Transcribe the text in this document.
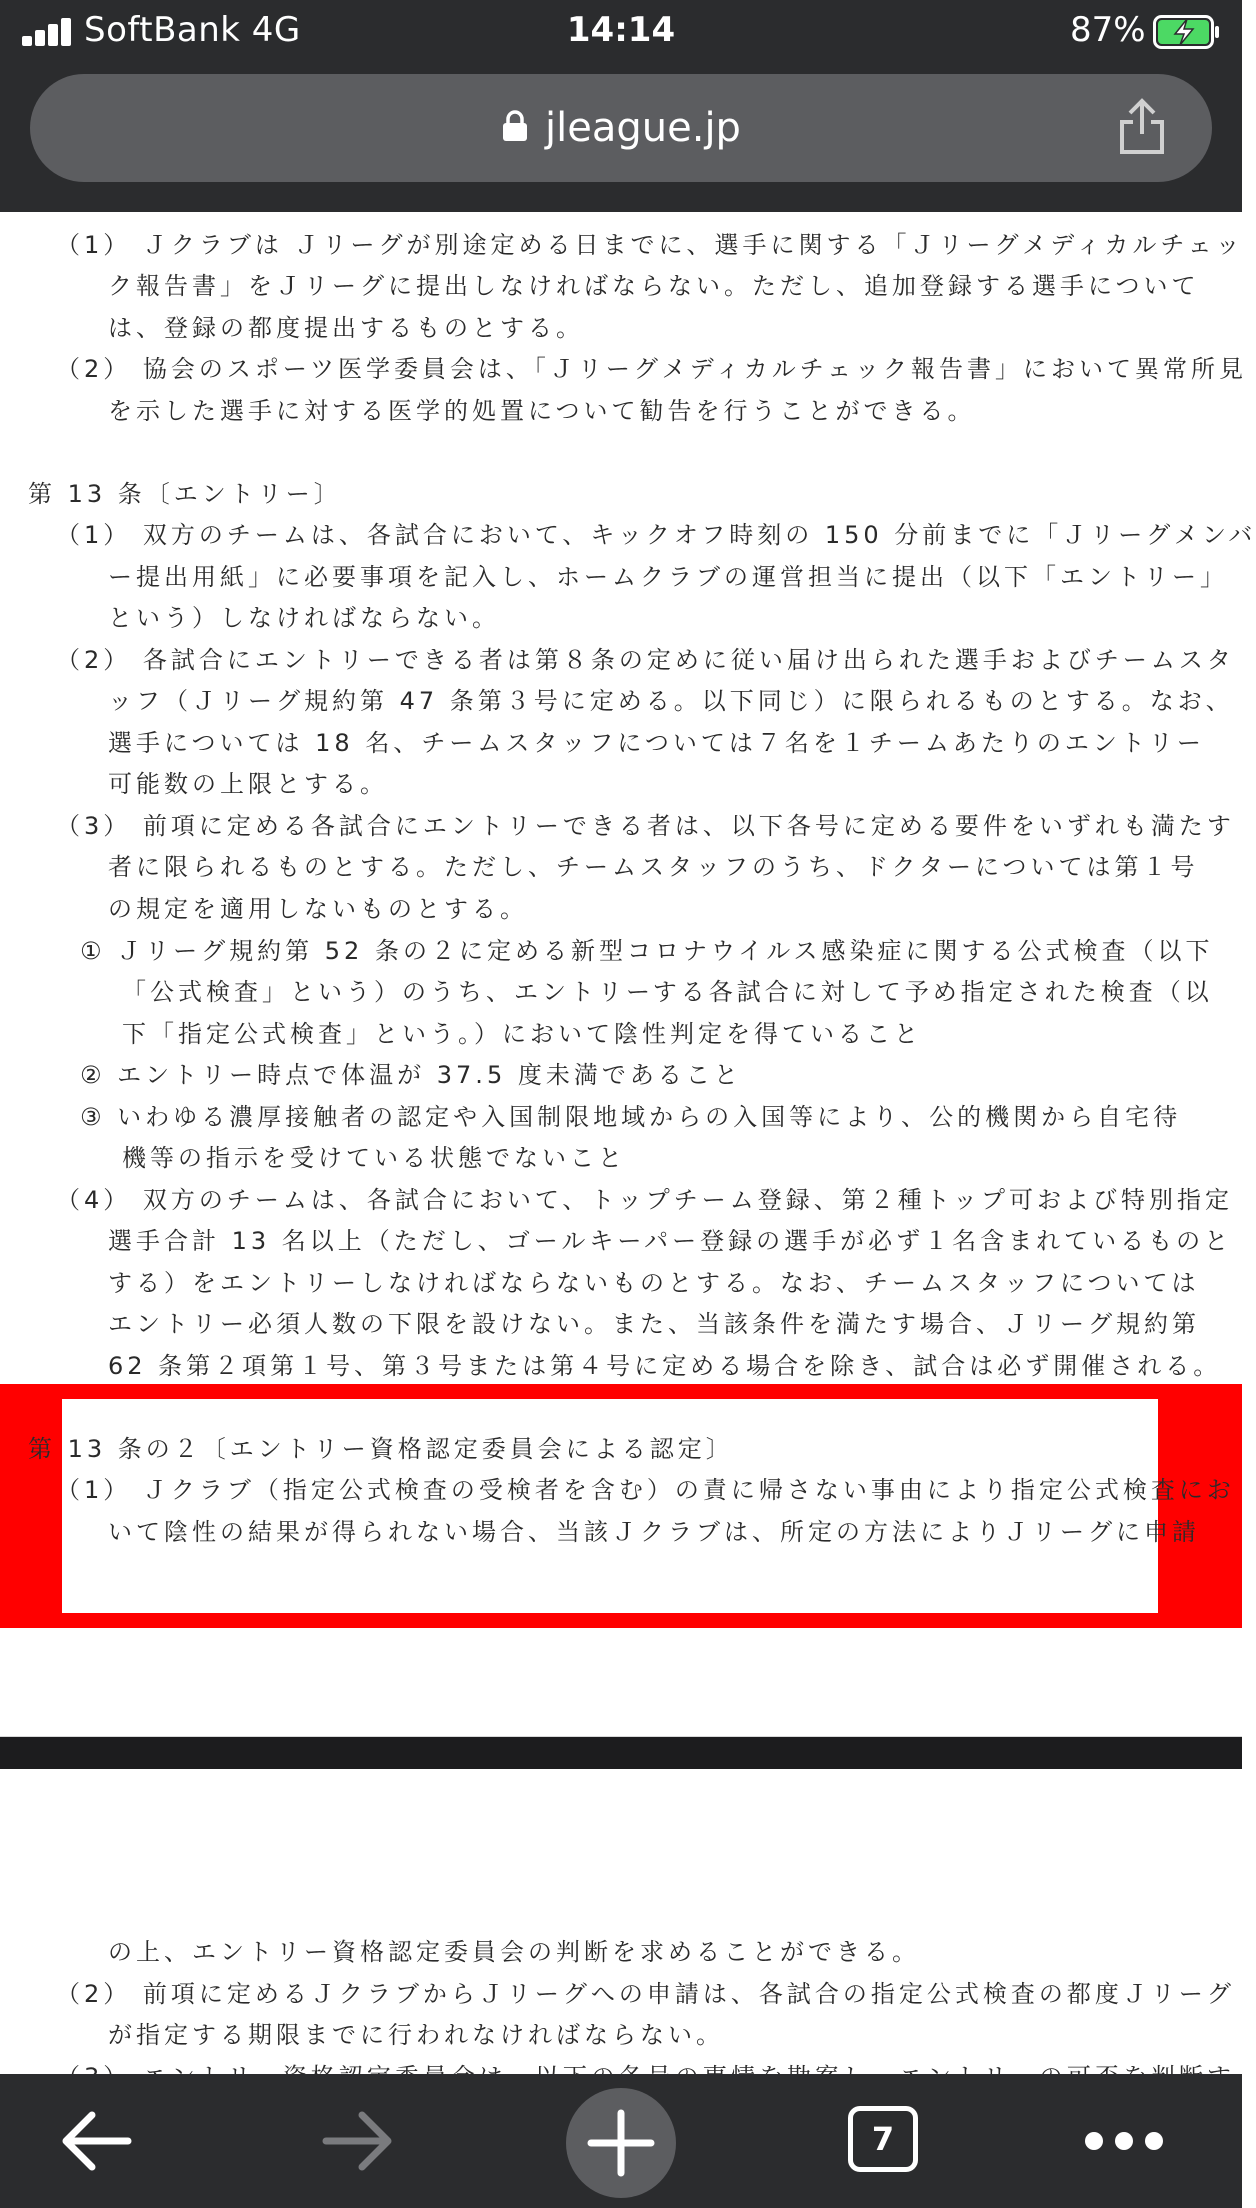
SoftBank 4G	14:14	87%
jleague.jp
（1） Ｊクラブは Ｊリーグが別途定める日までに、選手に関する「Ｊリーグメディカルチェッ
ク報告書」をＪリーグに提出しなければならない。ただし、追加登録する選手について
は、登録の都度提出するものとする。
（2） 協会のスポーツ医学委員会は、「Ｊリーグメディカルチェック報告書」において異常所見
を示した選手に対する医学的処置について勧告を行うことができる。
第 13 条〔エントリー〕
（1） 双方のチームは、各試合において、キックオフ時刻の 150 分前までに「Ｊリーグメンバ
ー提出用紙」に必要事項を記入し、ホームクラブの運営担当に提出（以下「エントリー」
という）しなければならない。
（2） 各試合にエントリーできる者は第８条の定めに従い届け出られた選手およびチームスタ
ッフ（Ｊリーグ規約第 47 条第３号に定める。以下同じ）に限られるものとする。なお、
選手については 18 名、チームスタッフについては７名を１チームあたりのエントリー
可能数の上限とする。
（3） 前項に定める各試合にエントリーできる者は、以下各号に定める要件をいずれも満たす
者に限られるものとする。ただし、チームスタッフのうち、ドクターについては第１号
の規定を適用しないものとする。
① Ｊリーグ規約第 52 条の２に定める新型コロナウイルス感染症に関する公式検査（以下
「公式検査」という）のうち、エントリーする各試合に対して予め指定された検査（以
下「指定公式検査」という。）において陰性判定を得ていること
② エントリー時点で体温が 37.5 度未満であること
③ いわゆる濃厚接触者の認定や入国制限地域からの入国等により、公的機関から自宅待
機等の指示を受けている状態でないこと
（4） 双方のチームは、各試合において、トップチーム登録、第２種トップ可および特別指定
選手合計 13 名以上（ただし、ゴールキーパー登録の選手が必ず１名含まれているものと
する）をエントリーしなければならないものとする。なお、チームスタッフについては
エントリー必須人数の下限を設けない。また、当該条件を満たす場合、Ｊリーグ規約第
62 条第２項第１号、第３号または第４号に定める場合を除き、試合は必ず開催される。
第 13 条の２〔エントリー資格認定委員会による認定〕
（1） Ｊクラブ（指定公式検査の受検者を含む）の責に帰さない事由により指定公式検査にお
いて陰性の結果が得られない場合、当該Ｊクラブは、所定の方法によりＪリーグに申請
の上、エントリー資格認定委員会の判断を求めることができる。
（2） 前項に定めるＪクラブからＪリーグへの申請は、各試合の指定公式検査の都度Ｊリーグ
が指定する期限までに行われなければならない。
7
